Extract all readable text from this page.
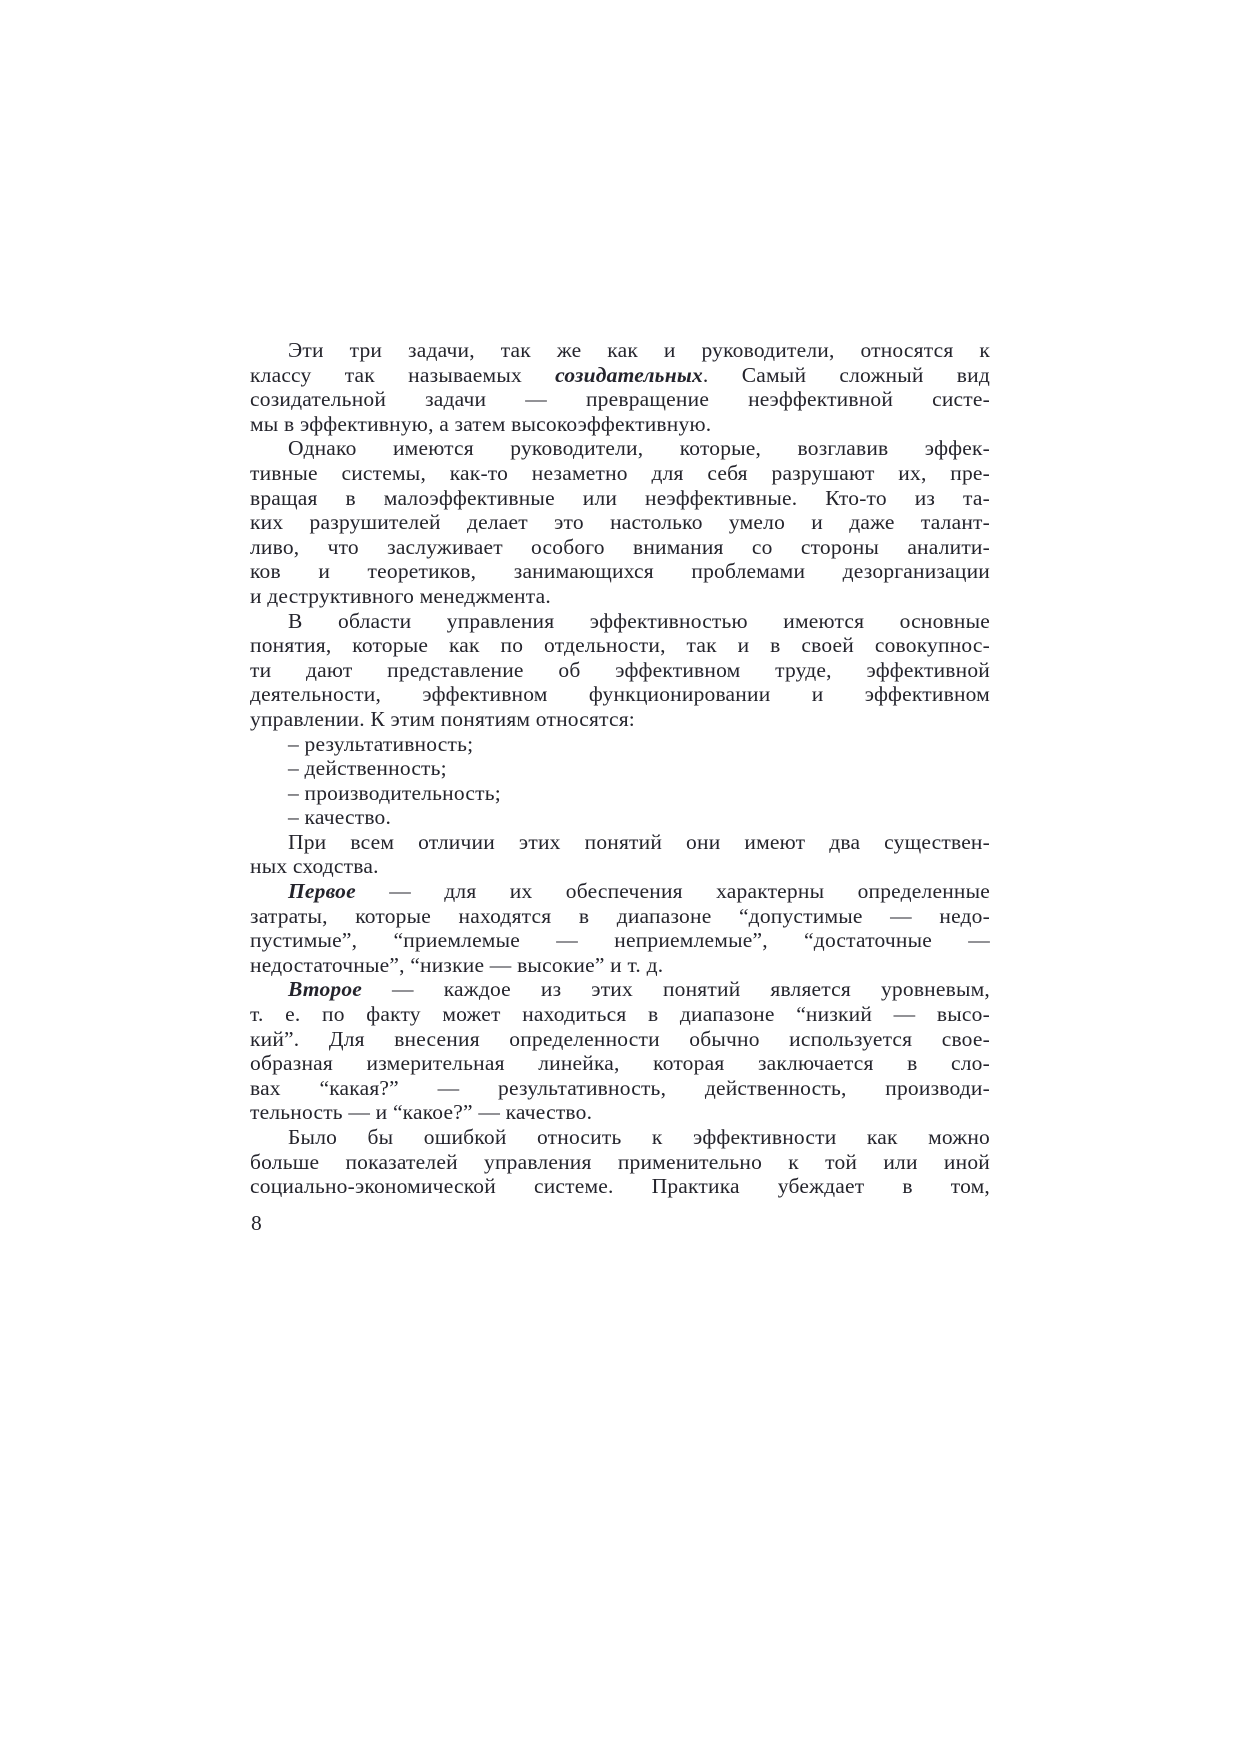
Эти три задачи, так же как и руководители, относятся к
классу так называемых созидательных. Самый сложный вид
созидательной задачи — превращение неэффективной систе-
мы в эффективную, а затем высокоэффективную.
Однако имеются руководители, которые, возглавив эффек-
тивные системы, как-то незаметно для себя разрушают их, пре-
вращая в малоэффективные или неэффективные. Кто-то из та-
ких разрушителей делает это настолько умело и даже талант-
ливо, что заслуживает особого внимания со стороны аналити-
ков и теоретиков, занимающихся проблемами дезорганизации
и деструктивного менеджмента.
В области управления эффективностью имеются основные
понятия, которые как по отдельности, так и в своей совокупнос-
ти дают представление об эффективном труде, эффективной
деятельности, эффективном функционировании и эффективном
управлении. К этим понятиям относятся:
– результативность;
– действенность;
– производительность;
– качество.
При всем отличии этих понятий они имеют два существен-
ных сходства.
Первое — для их обеспечения характерны определенные
затраты, которые находятся в диапазоне “допустимые — недо-
пустимые”, “приемлемые — неприемлемые”, “достаточные —
недостаточные”, “низкие — высокие” и т. д.
Второе — каждое из этих понятий является уровневым,
т. е. по факту может находиться в диапазоне “низкий — высо-
кий”. Для внесения определенности обычно используется свое-
образная измерительная линейка, которая заключается в сло-
вах “какая?” — результативность, действенность, производи-
тельность — и “какое?” — качество.
Было бы ошибкой относить к эффективности как можно
больше показателей управления применительно к той или иной
социально-экономической системе. Практика убеждает в том,
8
